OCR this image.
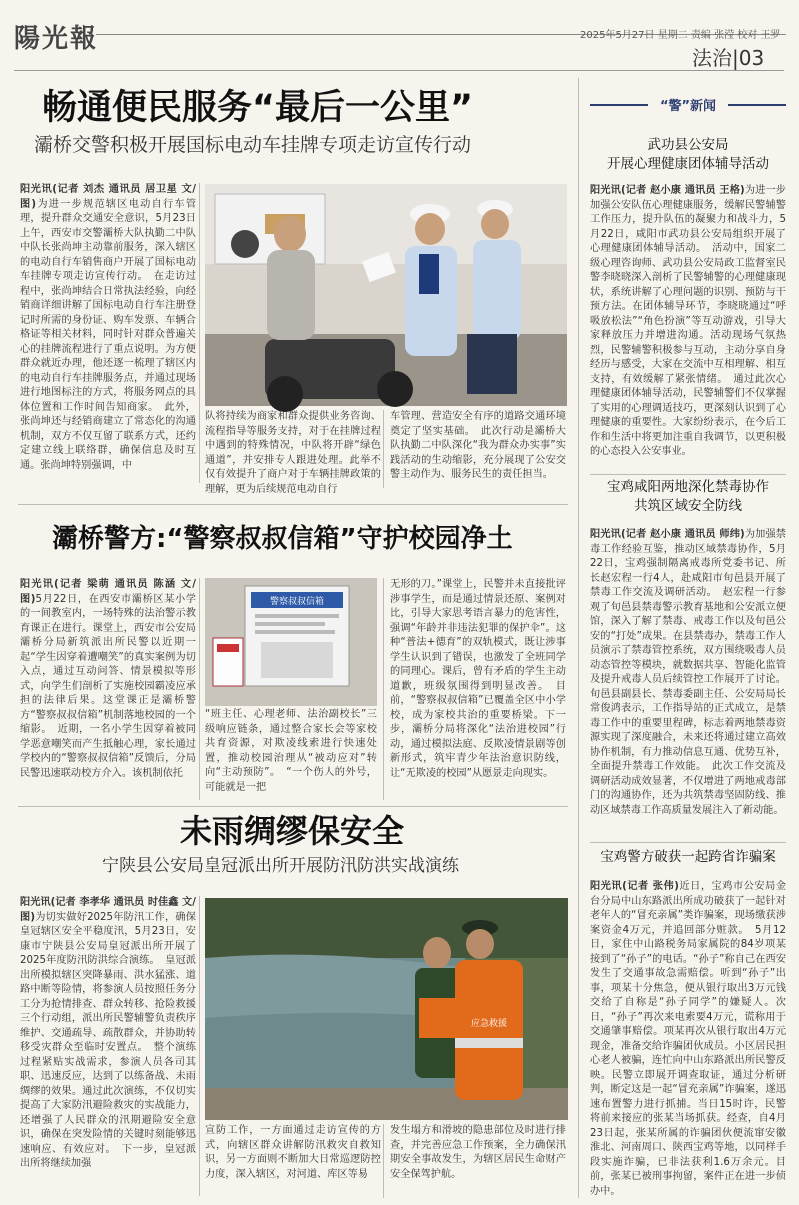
陽光報	2025年5月27日 星期二 责编 张滢 校对 王罗
法治|03
畅通便民服务“最后一公里”
灞桥交警积极开展国标电动车挂牌专项走访宣传行动
阳光讯(记者 刘杰 通讯员 居卫星 文/图)为进一步规范辖区电动自行车管理，提升群众交通安全意识，5月23日上午，西安市交警灞桥大队执勤二中队中队长张尚坤主动靠前服务，深入辖区的电动自行车销售商户开展了国标电动车挂牌专项走访宣传行动。　在走访过程中，张尚坤结合日常执法经验，向经销商详细讲解了国标电动自行车注册登记时所需的身份证、购车发票、车辆合格证等相关材料，同时针对群众普遍关心的挂牌流程进行了重点说明。为方便群众就近办理，他还逐一梳理了辖区内的电动自行车挂牌服务点，并通过现场进行地图标注的方式，将服务网点的具体位置和工作时间告知商家。　此外，张尚坤还与经销商建立了常态化的沟通机制，双方不仅互留了联系方式，还约定建立线上联络群，确保信息及时互通。张尚坤特别强调，中
队将持续为商家和群众提供业务咨询、流程指导等服务支持，对于在挂牌过程中遇到的特殊情况，中队将开辟“绿色通道”，并安排专人跟进处理。此举不仅有效提升了商户对于车辆挂牌政策的理解，更为后续规范电动自行
车管理、营造安全有序的道路交通环境奠定了坚实基础。　此次行动是灞桥大队执勤二中队深化“我为群众办实事”实践活动的生动缩影，充分展现了公安交警主动作为、服务民生的责任担当。
灞桥警方:“警察叔叔信箱”守护校园净土
阳光讯(记者 梁萌 通讯员 陈涵 文/图)5月22日，在西安市灞桥区某小学的一间教室内，一场特殊的法治警示教育课正在进行。课堂上，西安市公安局灞桥分局新筑派出所民警以近期一起“学生因穿着遭嘲笑”的真实案例为切入点，通过互动问答、情景模拟等形式，向学生们剖析了实施校园霸凌应承担的法律后果。这堂课正是灞桥警方“警察叔叔信箱”机制落地校园的一个缩影。　近期，一名小学生因穿着被同学恶意嘲笑而产生抵触心理，家长通过学校内的“警察叔叔信箱”反馈后，分局民警迅速联动校方介入。该机制依托
警察叔叔信箱
“班主任、心理老师、法治副校长”三级响应链条，通过整合家长会等家校共育资源，对欺凌线索进行快速处置，推动校园治理从“被动应对”转向“主动预防”。　“一个伤人的外号，可能就是一把
无形的刀。”课堂上，民警并未直接批评涉事学生，而是通过情景还原、案例对比，引导大家思考语言暴力的危害性，强调“年龄并非违法犯罪的保护伞”。这种“普法+德育”的双轨模式，既让涉事学生认识到了错误，也激发了全班同学的同理心。课后，曾有矛盾的学生主动道歉，班级氛围得到明显改善。　目前，“警察叔叔信箱”已覆盖全区中小学校，成为家校共治的重要桥梁。下一步，灞桥分局将深化“法治进校园”行动，通过模拟法庭、反欺凌情景剧等创新形式，筑牢青少年法治意识防线，让“无欺凌的校园”从愿景走向现实。
未雨绸缪保安全
宁陕县公安局皇冠派出所开展防汛防洪实战演练
阳光讯(记者 李孝华 通讯员 时佳鑫 文/图)为切实做好2025年防汛工作，确保皇冠辖区安全平稳度汛，5月23日，安康市宁陕县公安局皇冠派出所开展了2025年度防汛防洪综合演练。　皇冠派出所模拟辖区突降暴雨、洪水猛涨、道路中断等险情，将参演人员按照任务分工分为抢情排查、群众转移、抢险救援三个行动组，派出所民警辅警负责秩序维护、交通疏导、疏散群众，并协助转移受灾群众至临时安置点。　整个演练过程紧贴实战需求，参演人员各司其职、迅速反应，达到了以练备战、未雨绸缪的效果。通过此次演练，不仅切实提高了大家防汛避险救灾的实战能力，还增强了人民群众的汛期避险安全意识，确保在突发险情的关键时刻能够迅速响应、有效应对。　下一步，皇冠派出所将继续加强
应急救援
宣防工作，一方面通过走访宣传的方式，向辖区群众讲解防汛救灾自救知识，另一方面则不断加大日常巡逻防控力度，深入辖区，对河道、库区等易
发生塌方和滑坡的隐患部位及时进行排查，并完善应急工作预案，全力确保汛期安全事故发生，为辖区居民生命财产安全保驾护航。
“警”新闻
武功县公安局
开展心理健康团体辅导活动
阳光讯(记者 赵小康 通讯员 王格)为进一步加强公安队伍心理健康服务，缓解民警辅警工作压力，提升队伍的凝聚力和战斗力，5月22日，咸阳市武功县公安局组织开展了心理健康团体辅导活动。　活动中，国家二级心理咨询师、武功县公安局政工监督室民警李晓晓深入剖析了民警辅警的心理健康现状，系统讲解了心理问题的识别、预防与干预方法。在团体辅导环节，李晓晓通过“呼吸放松法”“角色扮演”等互动游戏，引导大家释放压力并增进沟通。活动现场气氛热烈，民警辅警积极参与互动，主动分享自身经历与感受，大家在交流中互相理解、相互支持，有效缓解了紧张情绪。　通过此次心理健康团体辅导活动，民警辅警们不仅掌握了实用的心理调适技巧，更深刻认识到了心理健康的重要性。大家纷纷表示，在今后工作和生活中将更加注重自我调节，以更积极的心态投入公安事业。
宝鸡咸阳两地深化禁毒协作
共筑区域安全防线
阳光讯(记者 赵小康 通讯员 师纬)为加强禁毒工作经验互鉴，推动区域禁毒协作，5月22日，宝鸡强制隔离戒毒所党委书记、所长赵宏程一行4人，赴咸阳市旬邑县开展了禁毒工作交流及调研活动。　赵宏程一行参观了旬邑县禁毒警示教育基地和公安派立便馆，深入了解了禁毒、戒毒工作以及旬邑公安的“打处”成果。在县禁毒办，禁毒工作人员演示了禁毒管控系统，双方围绕吸毒人员动态管控等模块，就数据共享、智能化监管及提升戒毒人员后续管控工作展开了讨论。旬邑县副县长、禁毒委副主任、公安局局长常俊鸿表示，工作指导站的正式成立，是禁毒工作中的重要里程碑，标志着两地禁毒资源实现了深度融合，未来还将通过建立高效协作机制，有力推动信息互通、优势互补，全面提升禁毒工作效能。　此次工作交流及调研活动成效显著，不仅增进了两地戒毒部门的沟通协作，还为共筑禁毒坚固防线、推动区域禁毒工作高质量发展注入了新动能。
宝鸡警方破获一起跨省诈骗案
阳光讯(记者 张伟)近日，宝鸡市公安局金台分局中山东路派出所成功破获了一起针对老年人的“冒充亲属”类诈骗案，现场缴获涉案资金4万元，并追回部分赃款。　5月12日，家住中山路税务局家属院的84岁项某接到了“孙子”的电话。“孙子”称自己在西安发生了交通事故急需赔偿。听到“孙子”出事，项某十分焦急，便从银行取出3万元钱交给了自称是“孙子同学”的嫌疑人。次日，“孙子”再次来电索要4万元，谎称用于交通肇事赔偿。项某再次从银行取出4万元现金，准备交给诈骗团伙成员。小区居民担心老人被骗，连忙向中山东路派出所民警反映。民警立即展开调查取证，通过分析研判，断定这是一起“冒充亲属”诈骗案，遂迅速布置警力进行抓捕。当日15时许，民警将前来接应的张某当场抓获。经查，自4月23日起，张某所属的诈骗团伙便流窜安徽淮北、河南周口、陕西宝鸡等地，以同样手段实施诈骗，已非法获利1.6万余元。目前，张某已被刑事拘留，案件正在进一步侦办中。
